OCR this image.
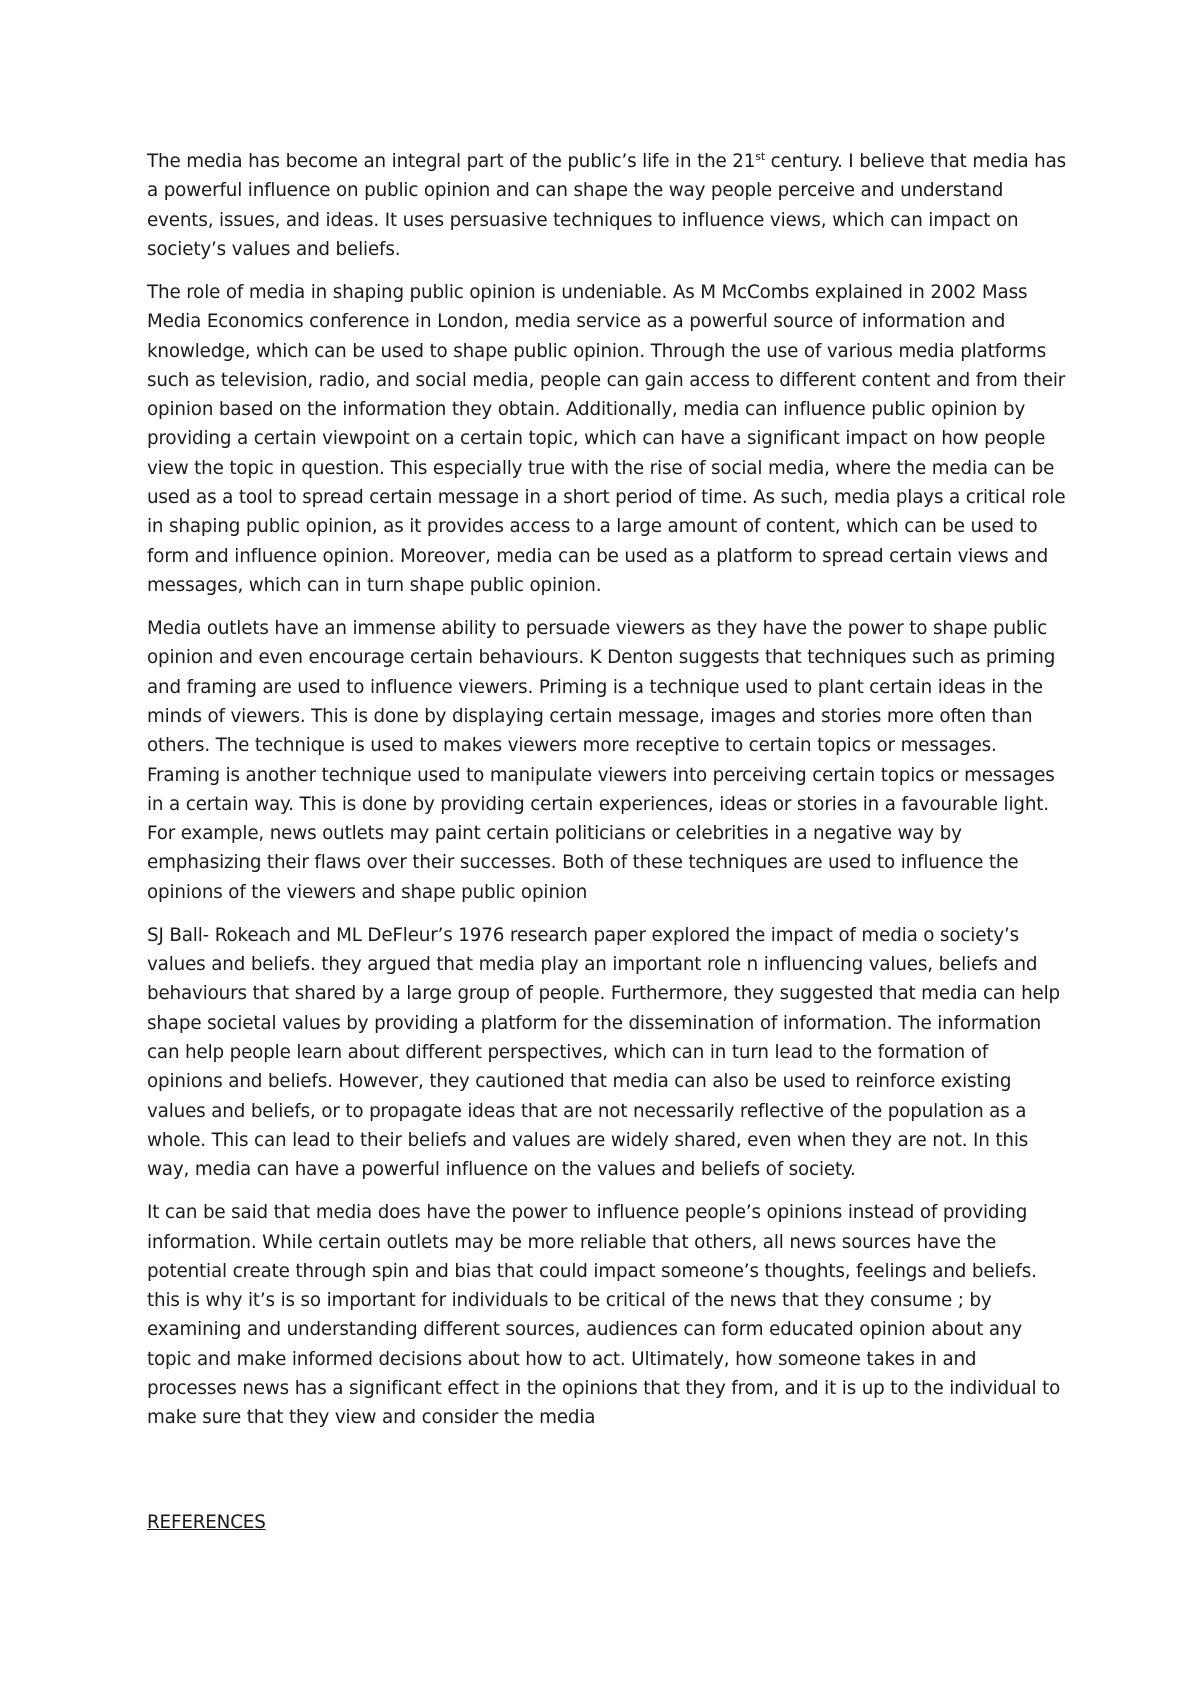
The media has become an integral part of the public’s life in the 21st century. I believe that media has a powerful influence on public opinion and can shape the way people perceive and understand events, issues, and ideas. It uses persuasive techniques to influence views, which can impact on society’s values and beliefs.

The role of media in shaping public opinion is undeniable. As M McCombs explained in 2002 Mass Media Economics conference in London, media service as a powerful source of information and knowledge, which can be used to shape public opinion. Through the use of various media platforms such as television, radio, and social media, people can gain access to different content and from their opinion based on the information they obtain. Additionally, media can influence public opinion by providing a certain viewpoint on a certain topic, which can have a significant impact on how people view the topic in question. This especially true with the rise of social media, where the media can be used as a tool to spread certain message in a short period of time. As such, media plays a critical role in shaping public opinion, as it provides access to a large amount of content, which can be used to form and influence opinion. Moreover, media can be used as a platform to spread certain views and messages, which can in turn shape public opinion.

Media outlets have an immense ability to persuade viewers as they have the power to shape public opinion and even encourage certain behaviours. K Denton suggests that techniques such as priming and framing are used to influence viewers. Priming is a technique used to plant certain ideas in the minds of viewers. This is done by displaying certain message, images and stories more often than others. The technique is used to makes viewers more receptive to certain topics or messages. Framing is another technique used to manipulate viewers into perceiving certain topics or messages in a certain way. This is done by providing certain experiences, ideas or stories in a favourable light. For example, news outlets may paint certain politicians or celebrities in a negative way by emphasizing their flaws over their successes. Both of these techniques are used to influence the opinions of the viewers and shape public opinion

SJ Ball- Rokeach and ML DeFleur’s 1976 research paper explored the impact of media o society’s values and beliefs. they argued that media play an important role n influencing values, beliefs and behaviours that shared by a large group of people. Furthermore, they suggested that media can help shape societal values by providing a platform for the dissemination of information. The information can help people learn about different perspectives, which can in turn lead to the formation of opinions and beliefs. However, they cautioned that media can also be used to reinforce existing values and beliefs, or to propagate ideas that are not necessarily reflective of the population as a whole. This can lead to their beliefs and values are widely shared, even when they are not. In this way, media can have a powerful influence on the values and beliefs of society.

It can be said that media does have the power to influence people’s opinions instead of providing information. While certain outlets may be more reliable that others, all news sources have the potential create through spin and bias that could impact someone’s thoughts, feelings and beliefs. this is why it’s is so important for individuals to be critical of the news that they consume ; by examining and understanding different sources, audiences can form educated opinion about any topic and make informed decisions about how to act. Ultimately, how someone takes in and processes news has a significant effect in the opinions that they from, and it is up to the individual to make sure that they view and consider the media

REFERENCES
